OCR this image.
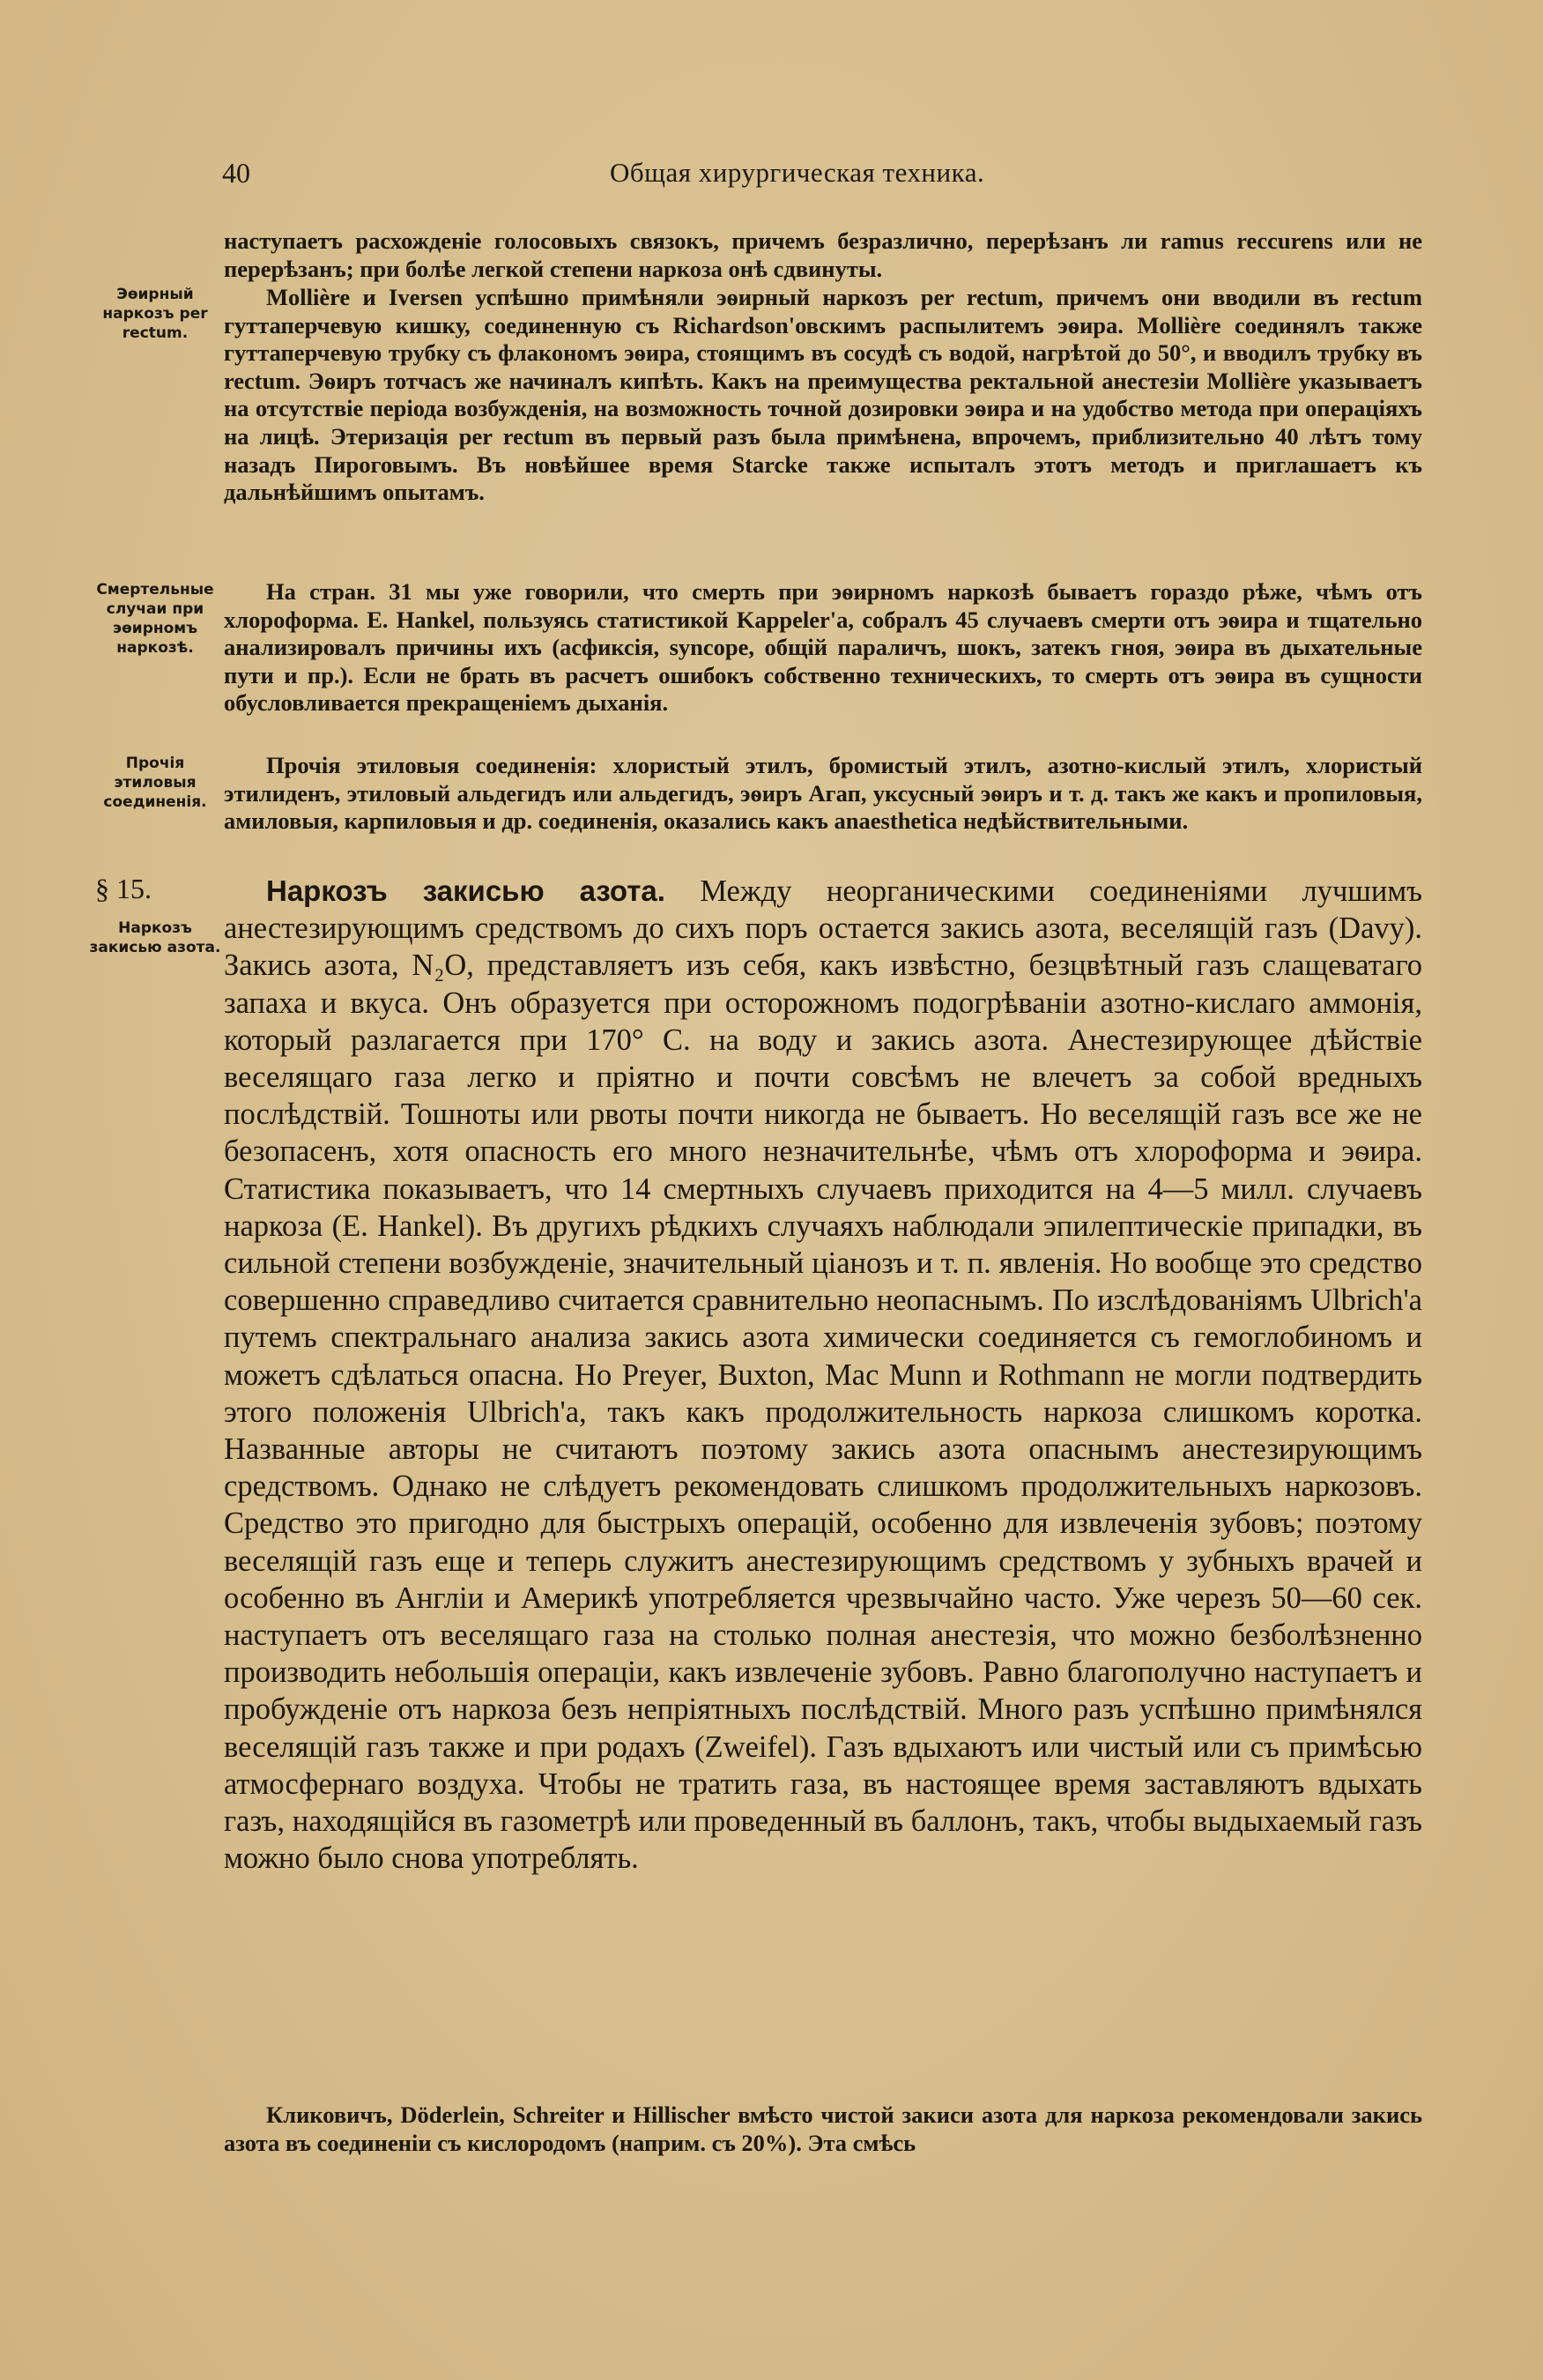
40	Общая хирургическая техника.

наступаетъ расхожденіе голосовыхъ связокъ, причемъ безразлично, перерѣзанъ ли ramus reccurens или не перерѣзанъ; при болѣе легкой степени наркоза онѣ сдвинуты.

Эѳирный наркозъ per rectum.

Mollière и Iversen успѣшно примѣняли эѳирный наркозъ per rectum, причемъ они вводили въ rectum гуттаперчевую кишку, соединенную съ Richardson'овскимъ распылитемъ эѳира. Mollière соединялъ также гуттаперчевую трубку съ флакономъ эѳира, стоящимъ въ сосудѣ съ водой, нагрѣтой до 50°, и вводилъ трубку въ rectum. Эѳиръ тотчасъ же начиналъ кипѣть. Какъ на преимущества ректальной анестезіи Mollière указываетъ на отсутствіе періода возбужденія, на возможность точной дозировки эѳира и на удобство метода при операціяхъ на лицѣ. Этеризація per rectum въ первый разъ была примѣнена, впрочемъ, приблизительно 40 лѣтъ тому назадъ Пироговымъ. Въ новѣйшее время Starcke также испыталъ этотъ методъ и приглашаетъ къ дальнѣйшимъ опытамъ.

Смертельные случаи при эѳирномъ наркозѣ.

На стран. 31 мы уже говорили, что смерть при эѳирномъ наркозѣ бываетъ гораздо рѣже, чѣмъ отъ хлороформа. E. Hankel, пользуясь статистикой Kappeler'а, собралъ 45 случаевъ смерти отъ эѳира и тщательно анализировалъ причины ихъ (асфиксія, syncope, общій параличъ, шокъ, затекъ гноя, эѳира въ дыхательные пути и пр.). Если не брать въ расчетъ ошибокъ собственно техническихъ, то смерть отъ эѳира въ сущности обусловливается прекращеніемъ дыханія.

Прочія этиловыя соединенія.

Прочія этиловыя соединенія: хлористый этилъ, бромистый этилъ, азотно-кислый этилъ, хлористый этилиденъ, этиловый альдегидъ или альдегидъ, эѳиръ Агап, уксусный эѳиръ и т. д. такъ же какъ и пропиловыя, амиловыя, карпиловыя и др. соединенія, оказались какъ anaesthetica недѣйствительными.

§ 15.
Наркозъ закисью азота.

Наркозъ закисью азота. Между неорганическими соединеніями лучшимъ анестезирующимъ средствомъ до сихъ поръ остается закись азота, веселящій газъ (Davy). Закись азота, N₂O, представляетъ изъ себя, какъ извѣстно, безцвѣтный газъ слащеватаго запаха и вкуса. Онъ образуется при осторожномъ подогрѣваніи азотно-кислаго аммонія, который разлагается при 170° С. на воду и закись азота. Анестезирующее дѣйствіе веселящаго газа легко и пріятно и почти совсѣмъ не влечетъ за собой вредныхъ послѣдствій. Тошноты или рвоты почти никогда не бываетъ. Но веселящій газъ все же не безопасенъ, хотя опасность его много незначительнѣе, чѣмъ отъ хлороформа и эѳира. Статистика показываетъ, что 14 смертныхъ случаевъ приходится на 4—5 милл. случаевъ наркоза (E. Hankel). Въ другихъ рѣдкихъ случаяхъ наблюдали эпилептическіе припадки, въ сильной степени возбужденіе, значительный ціанозъ и т. п. явленія. Но вообще это средство совершенно справедливо считается сравнительно неопаснымъ. По изслѣдованіямъ Ulbrich'а путемъ спектральнаго анализа закись азота химически соединяется съ гемоглобиномъ и можетъ сдѣлаться опасна. Но Preyer, Buxton, Mac Munn и Rothmann не могли подтвердить этого положенія Ulbrich'а, такъ какъ продолжительность наркоза слишкомъ коротка. Названные авторы не считаютъ поэтому закись азота опаснымъ анестезирующимъ средствомъ. Однако не слѣдуетъ рекомендовать слишкомъ продолжительныхъ наркозовъ. Средство это пригодно для быстрыхъ операцій, особенно для извлеченія зубовъ; поэтому веселящій газъ еще и теперь служитъ анестезирующимъ средствомъ у зубныхъ врачей и особенно въ Англіи и Америкѣ употребляется чрезвычайно часто. Уже черезъ 50—60 сек. наступаетъ отъ веселящаго газа на столько полная анестезія, что можно безболѣзненно производить небольшія операціи, какъ извлеченіе зубовъ. Равно благополучно наступаетъ и пробужденіе отъ наркоза безъ непріятныхъ послѣдствій. Много разъ успѣшно примѣнялся веселящій газъ также и при родахъ (Zweifel). Газъ вдыхаютъ или чистый или съ примѣсью атмосфернаго воздуха. Чтобы не тратить газа, въ настоящее время заставляютъ вдыхать газъ, находящійся въ газометрѣ или проведенный въ баллонъ, такъ, чтобы выдыхаемый газъ можно было снова употреблять.

Кликовичъ, Döderlein, Schreiter и Hillischer вмѣсто чистой закиси азота для наркоза рекомендовали закись азота въ соединеніи съ кислородомъ (наприм. съ 20%). Эта смѣсь
